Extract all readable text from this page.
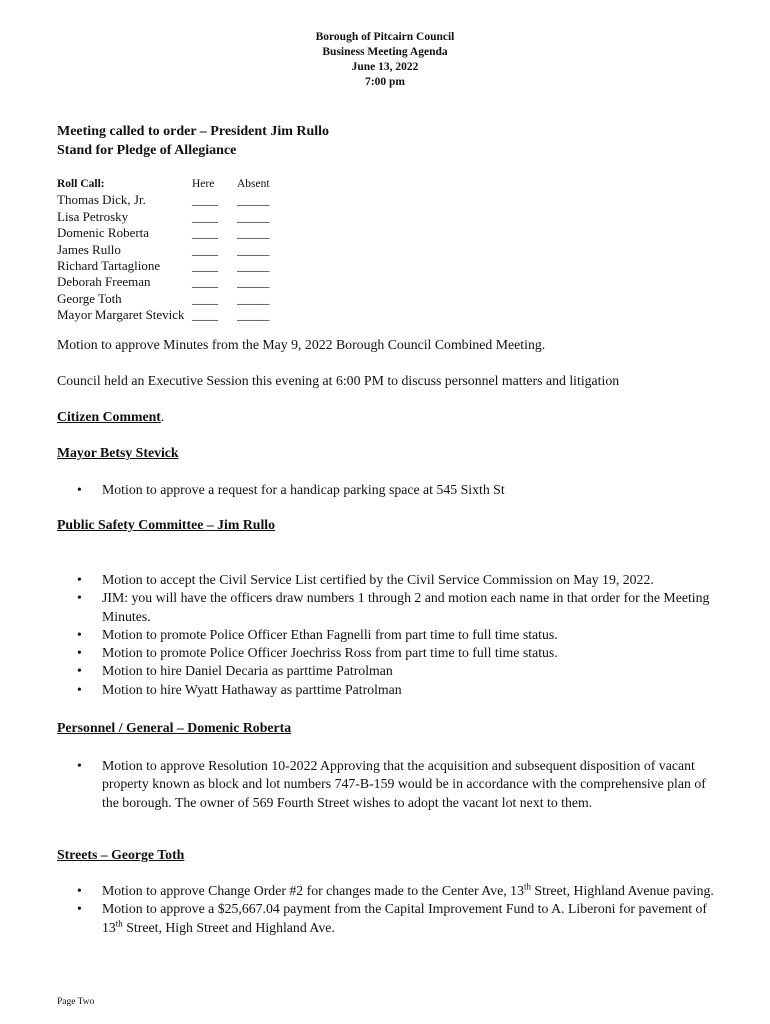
Borough of Pitcairn Council
Business Meeting Agenda
June 13, 2022
7:00 pm
Meeting called to order – President Jim Rullo
Stand for Pledge of Allegiance
Roll Call:	Here Absent
Thomas Dick, Jr.	____ _____
Lisa Petrosky	____ _____
Domenic Roberta	____ _____
James Rullo	____ _____
Richard Tartaglione ____ _____
Deborah Freeman	____ _____
George Toth	____ _____
Mayor Margaret Stevick ____ _____
Motion to approve Minutes from the May 9, 2022 Borough Council Combined Meeting.
Council held an Executive Session this evening at 6:00 PM to discuss personnel matters and litigation
Citizen Comment.
Mayor Betsy Stevick
• Motion to approve a request for a handicap parking space at 545 Sixth St
Public Safety Committee – Jim Rullo
• Motion to accept the Civil Service List certified by the Civil Service Commission on May 19, 2022.
• JIM: you will have the officers draw numbers 1 through 2 and motion each name in that order for the Meeting Minutes.
• Motion to promote Police Officer Ethan Fagnelli from part time to full time status.
• Motion to promote Police Officer Joechriss Ross from part time to full time status.
• Motion to hire Daniel Decaria as parttime Patrolman
• Motion to hire Wyatt Hathaway as parttime Patrolman
Personnel / General – Domenic Roberta
• Motion to approve Resolution 10-2022 Approving that the acquisition and subsequent disposition of vacant property known as block and lot numbers 747-B-159 would be in accordance with the comprehensive plan of the borough. The owner of 569 Fourth Street wishes to adopt the vacant lot next to them.
Streets – George Toth
• Motion to approve Change Order #2 for changes made to the Center Ave, 13th Street, Highland Avenue paving.
• Motion to approve a $25,667.04 payment from the Capital Improvement Fund to A. Liberoni for pavement of 13th Street, High Street and Highland Ave.
Page Two
